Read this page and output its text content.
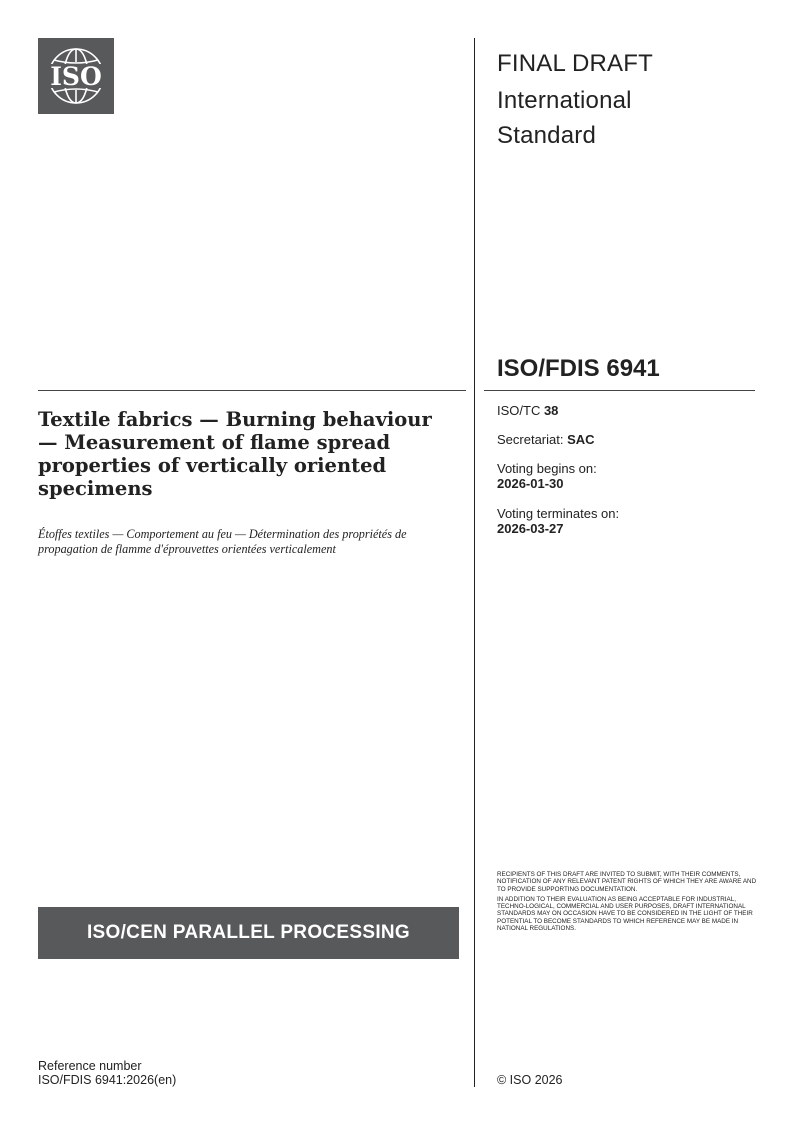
ISO	FINAL DRAFT
International
Standard
ISO/FDIS 6941
ISO/TC 38
Secretariat: SAC
Voting begins on:
2026-01-30
Voting terminates on:
2026-03-27
Textile fabrics — Burning behaviour — Measurement of flame spread properties of vertically oriented specimens
Étoffes textiles — Comportement au feu — Détermination des propriétés de propagation de flamme d'éprouvettes orientées verticalement
ISO/CEN PARALLEL PROCESSING

RECIPIENTS OF THIS DRAFT ARE INVITED TO SUBMIT, WITH THEIR COMMENTS, NOTIFICATION OF ANY RELEVANT PATENT RIGHTS OF WHICH THEY ARE AWARE AND TO PROVIDE SUPPORTING DOCUMENTATION.

IN ADDITION TO THEIR EVALUATION AS BEING ACCEPTABLE FOR INDUSTRIAL, TECHNO-LOGICAL, COMMERCIAL AND USER PURPOSES, DRAFT INTERNATIONAL STANDARDS MAY ON OCCASION HAVE TO BE CONSIDERED IN THE LIGHT OF THEIR POTENTIAL TO BECOME STANDARDS TO WHICH REFERENCE MAY BE MADE IN NATIONAL REGULATIONS.

Reference number
ISO/FDIS 6941:2026(en)	© ISO 2026
